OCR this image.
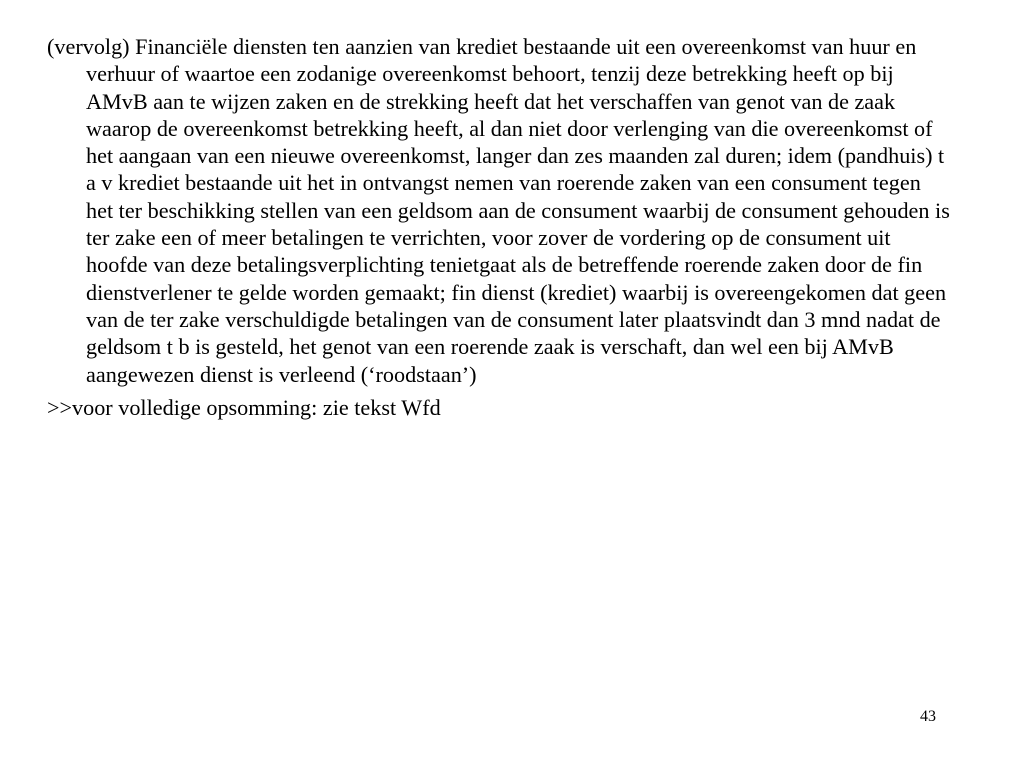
(vervolg) Financiële diensten ten aanzien van krediet bestaande uit een overeenkomst van huur en verhuur of waartoe een zodanige overeenkomst behoort, tenzij deze betrekking heeft op bij AMvB aan te wijzen zaken en de strekking heeft dat het verschaffen van genot van de zaak waarop de overeenkomst betrekking heeft, al dan niet door verlenging van die overeenkomst of het aangaan van een nieuwe overeenkomst, langer dan zes maanden zal duren; idem (pandhuis) t a v krediet bestaande uit het in ontvangst nemen van roerende zaken van een consument tegen het ter beschikking stellen van een geldsom aan de consument waarbij de consument gehouden is ter zake een of meer betalingen te verrichten, voor zover de vordering op de consument uit hoofde van deze betalingsverplichting tenietgaat als de betreffende roerende zaken door de fin dienstverlener te gelde worden gemaakt; fin dienst (krediet) waarbij is overeengekomen dat geen van de ter zake verschuldigde betalingen van de consument later plaatsvindt dan 3 mnd nadat de geldsom t b is gesteld, het genot van een roerende zaak is verschaft, dan wel een bij AMvB aangewezen dienst is verleend (‘roodstaan’)

>>voor volledige opsomming: zie tekst Wfd

43
